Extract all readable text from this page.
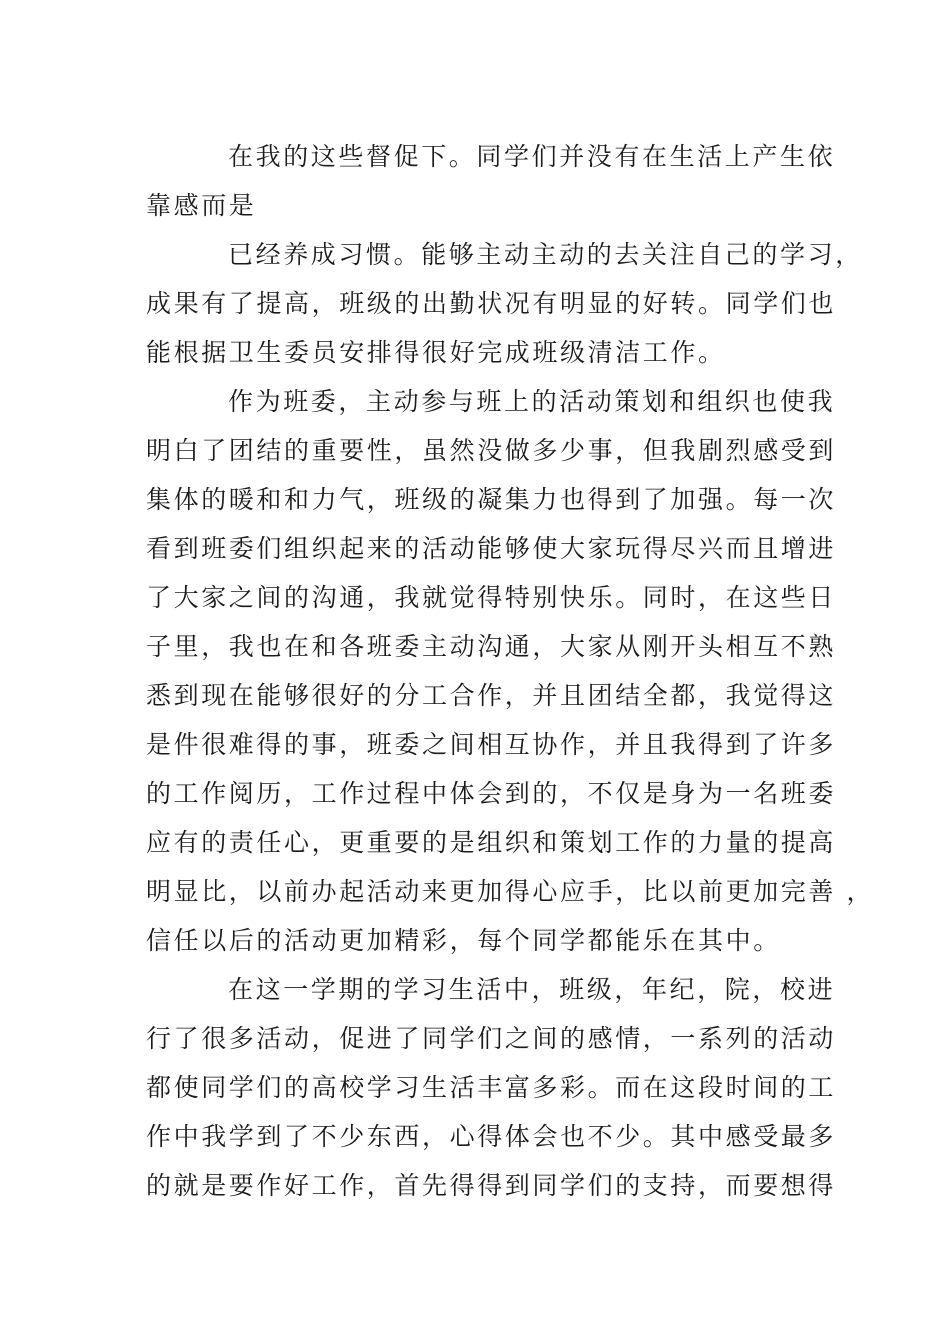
在我的这些督促下。同学们并没有在生活上产生依
靠感而是
已经养成习惯。能够主动主动的去关注自己的学习，
成果有了提高，班级的出勤状况有明显的好转。同学们也
能根据卫生委员安排得很好完成班级清洁工作。
作为班委，主动参与班上的活动策划和组织也使我
明白了团结的重要性，虽然没做多少事，但我剧烈感受到
集体的暖和和力气，班级的凝集力也得到了加强。每一次
看到班委们组织起来的活动能够使大家玩得尽兴而且增进
了大家之间的沟通，我就觉得特别快乐。同时，在这些日
子里，我也在和各班委主动沟通，大家从刚开头相互不熟
悉到现在能够很好的分工合作，并且团结全都，我觉得这
是件很难得的事，班委之间相互协作，并且我得到了许多
的工作阅历，工作过程中体会到的，不仅是身为一名班委
应有的责任心，更重要的是组织和策划工作的力量的提高
明显比，以前办起活动来更加得心应手，比以前更加完善 ，
信任以后的活动更加精彩，每个同学都能乐在其中。
在这一学期的学习生活中，班级，年纪，院，校进
行了很多活动，促进了同学们之间的感情，一系列的活动
都使同学们的高校学习生活丰富多彩。而在这段时间的工
作中我学到了不少东西，心得体会也不少。其中感受最多
的就是要作好工作，首先得得到同学们的支持，而要想得
